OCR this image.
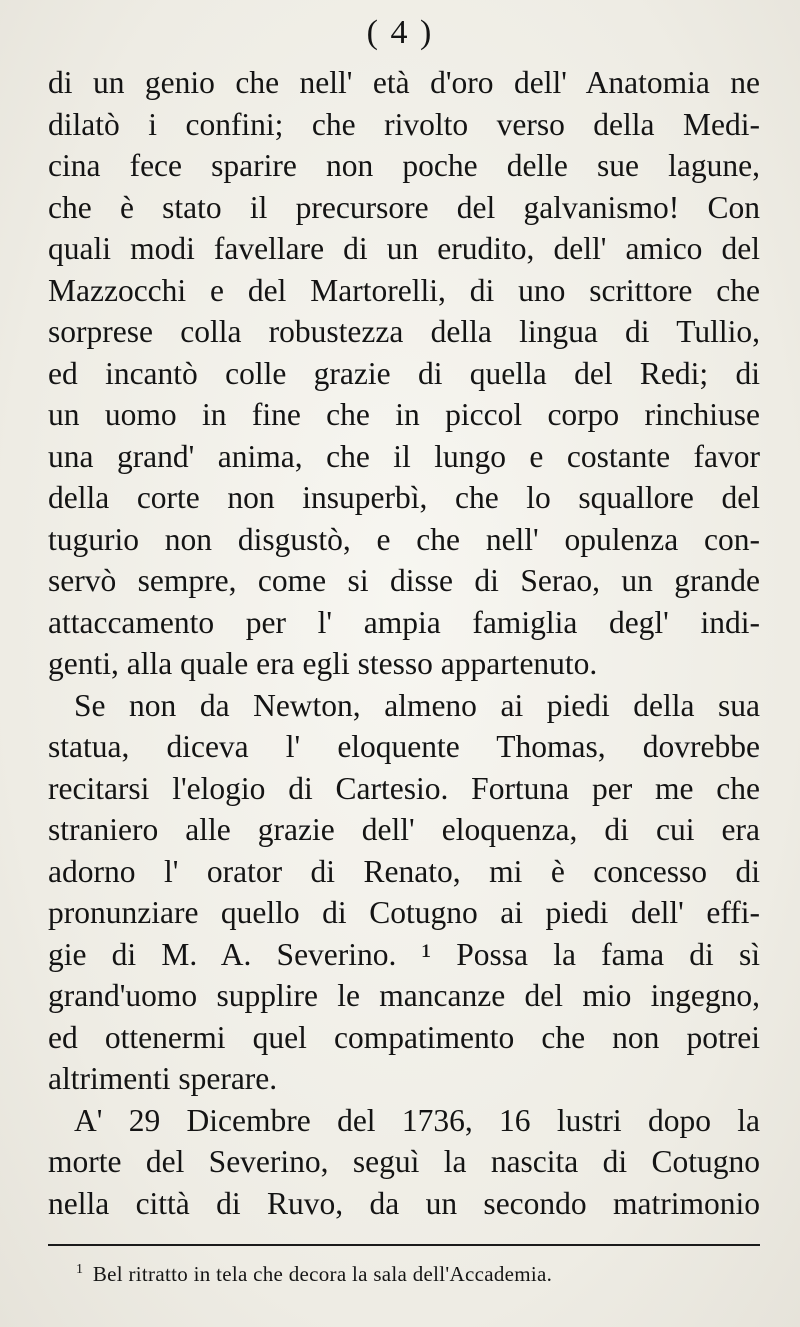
( 4 )
di un genio che nell' età d'oro dell' Anatomia ne
dilatò i confini; che rivolto verso della Medi-
cina fece sparire non poche delle sue lagune,
che è stato il precursore del galvanismo! Con
quali modi favellare di un erudito, dell' amico del
Mazzocchi e del Martorelli, di uno scrittore che
sorprese colla robustezza della lingua di Tullio,
ed incantò colle grazie di quella del Redi; di
un uomo in fine che in piccol corpo rinchiuse
una grand' anima, che il lungo e costante favor
della corte non insuperbì, che lo squallore del
tugurio non disgustò, e che nell' opulenza con-
servò sempre, come si disse di Serao, un grande
attaccamento per l' ampia famiglia degl' indi-
genti, alla quale era egli stesso appartenuto.
Se non da Newton, almeno ai piedi della sua
statua, diceva l' eloquente Thomas, dovrebbe
recitarsi l'elogio di Cartesio. Fortuna per me che
straniero alle grazie dell' eloquenza, di cui era
adorno l' orator di Renato, mi è concesso di
pronunziare quello di Cotugno ai piedi dell' effi-
gie di M. A. Severino. ¹ Possa la fama di sì
grand'uomo supplire le mancanze del mio ingegno,
ed ottenermi quel compatimento che non potrei
altrimenti sperare.
A' 29 Dicembre del 1736, 16 lustri dopo la
morte del Severino, seguì la nascita di Cotugno
nella città di Ruvo, da un secondo matrimonio
$^1$ Bel ritratto in tela che decora la sala dell'Accademia.
